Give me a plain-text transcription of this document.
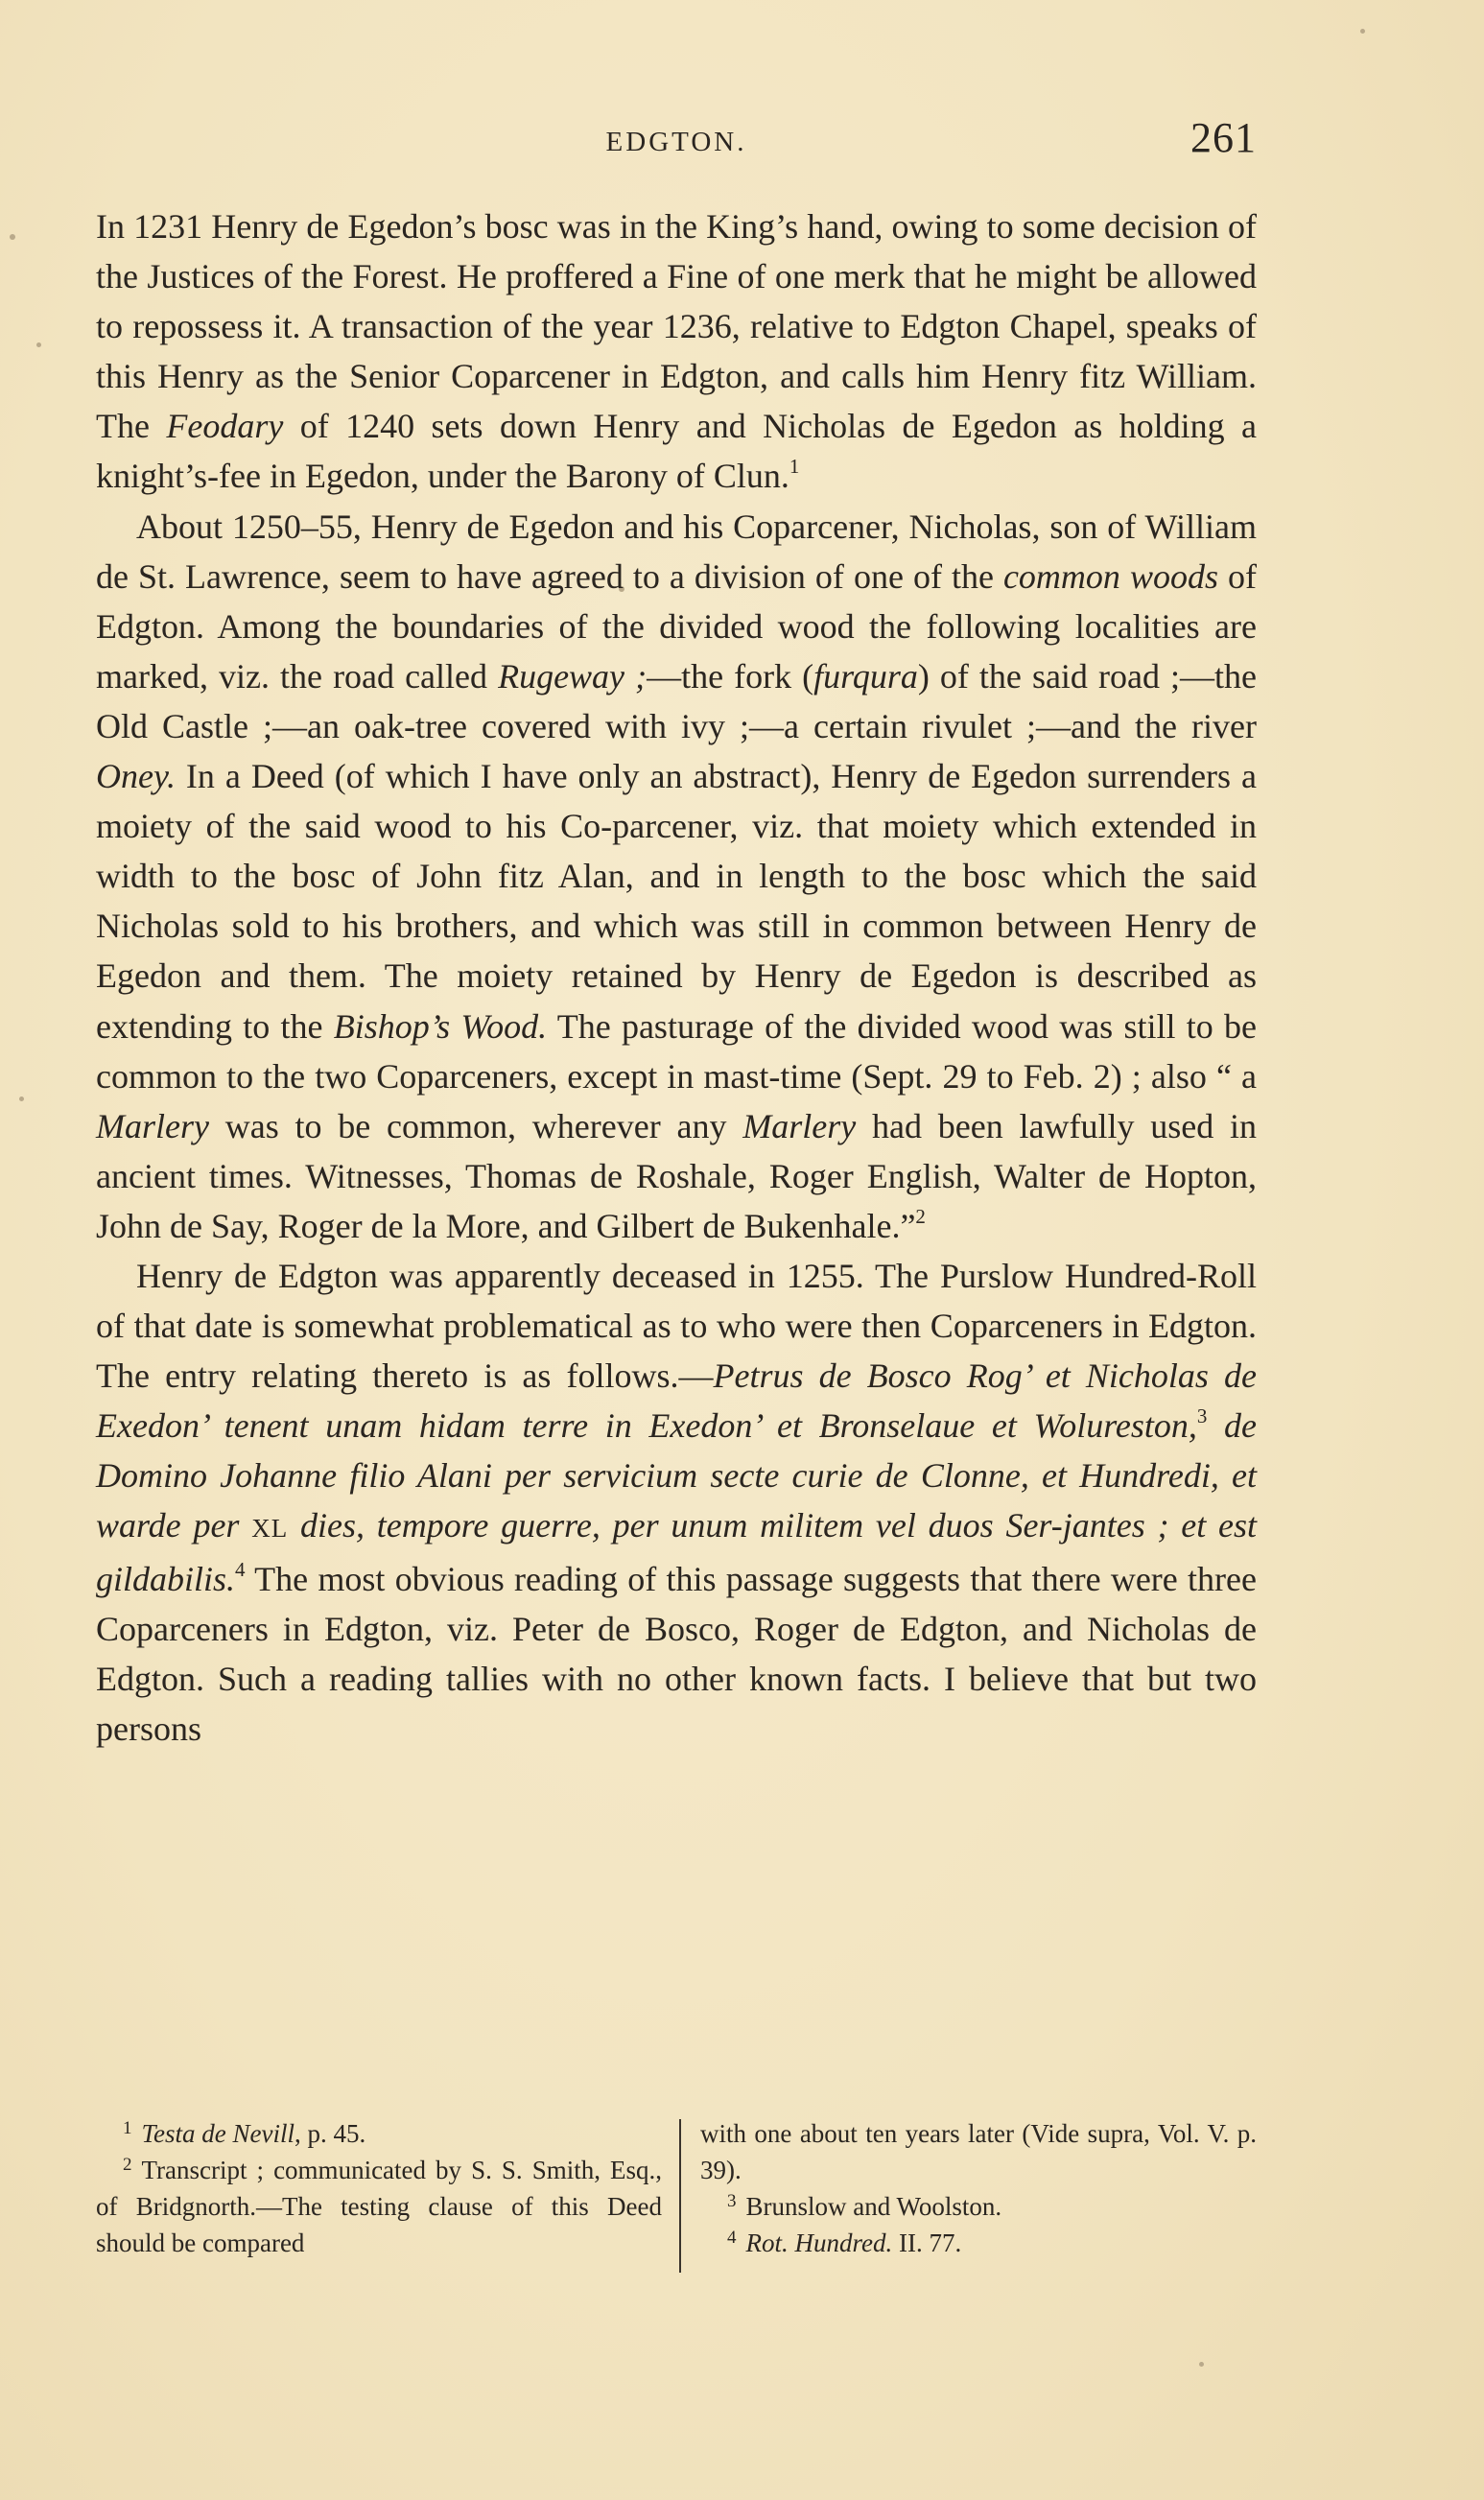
EDGTON.	261

In 1231 Henry de Egedon’s bosc was in the King’s hand, owing to some decision of the Justices of the Forest. He proffered a Fine of one merk that he might be allowed to repossess it. A transaction of the year 1236, relative to Edgton Chapel, speaks of this Henry as the Senior Coparcener in Edgton, and calls him Henry fitz William. The Feodary of 1240 sets down Henry and Nicholas de Egedon as holding a knight’s-fee in Egedon, under the Barony of Clun.$^1$

About 1250–55, Henry de Egedon and his Coparcener, Nicholas, son of William de St. Lawrence, seem to have agreed to a division of one of the common woods of Edgton. Among the boundaries of the divided wood the following localities are marked, viz. the road called Rugeway ;—the fork (furqura) of the said road ;—the Old Castle ;—an oak-tree covered with ivy ;—a certain rivulet ;—and the river Oney. In a Deed (of which I have only an abstract), Henry de Egedon surrenders a moiety of the said wood to his Co-parcener, viz. that moiety which extended in width to the bosc of John fitz Alan, and in length to the bosc which the said Nicholas sold to his brothers, and which was still in common between Henry de Egedon and them. The moiety retained by Henry de Egedon is described as extending to the Bishop’s Wood. The pasturage of the divided wood was still to be common to the two Coparceners, except in mast-time (Sept. 29 to Feb. 2) ; also “ a Marlery was to be common, wherever any Marlery had been lawfully used in ancient times. Witnesses, Thomas de Roshale, Roger English, Walter de Hopton, John de Say, Roger de la More, and Gilbert de Bukenhale.”$^2$

Henry de Edgton was apparently deceased in 1255. The Purslow Hundred-Roll of that date is somewhat problematical as to who were then Coparceners in Edgton. The entry relating thereto is as follows.—Petrus de Bosco Rog’ et Nicholas de Exedon’ tenent unam hidam terre in Exedon’ et Bronselaue et Wolureston,$^3$ de Domino Johanne filio Alani per servicium secte curie de Clonne, et Hundredi, et warde per XL dies, tempore guerre, per unum militem vel duos Ser-jantes ; et est gildabilis.$^4$ The most obvious reading of this passage suggests that there were three Coparceners in Edgton, viz. Peter de Bosco, Roger de Edgton, and Nicholas de Edgton. Such a reading tallies with no other known facts. I believe that but two persons

$^1$ Testa de Nevill, p. 45.

$^2$ Transcript ; communicated by S. S. Smith, Esq., of Bridgnorth.—The testing clause of this Deed should be compared

with one about ten years later (Vide supra, Vol. V. p. 39).

$^3$ Brunslow and Woolston.

$^4$ Rot. Hundred. II. 77.
